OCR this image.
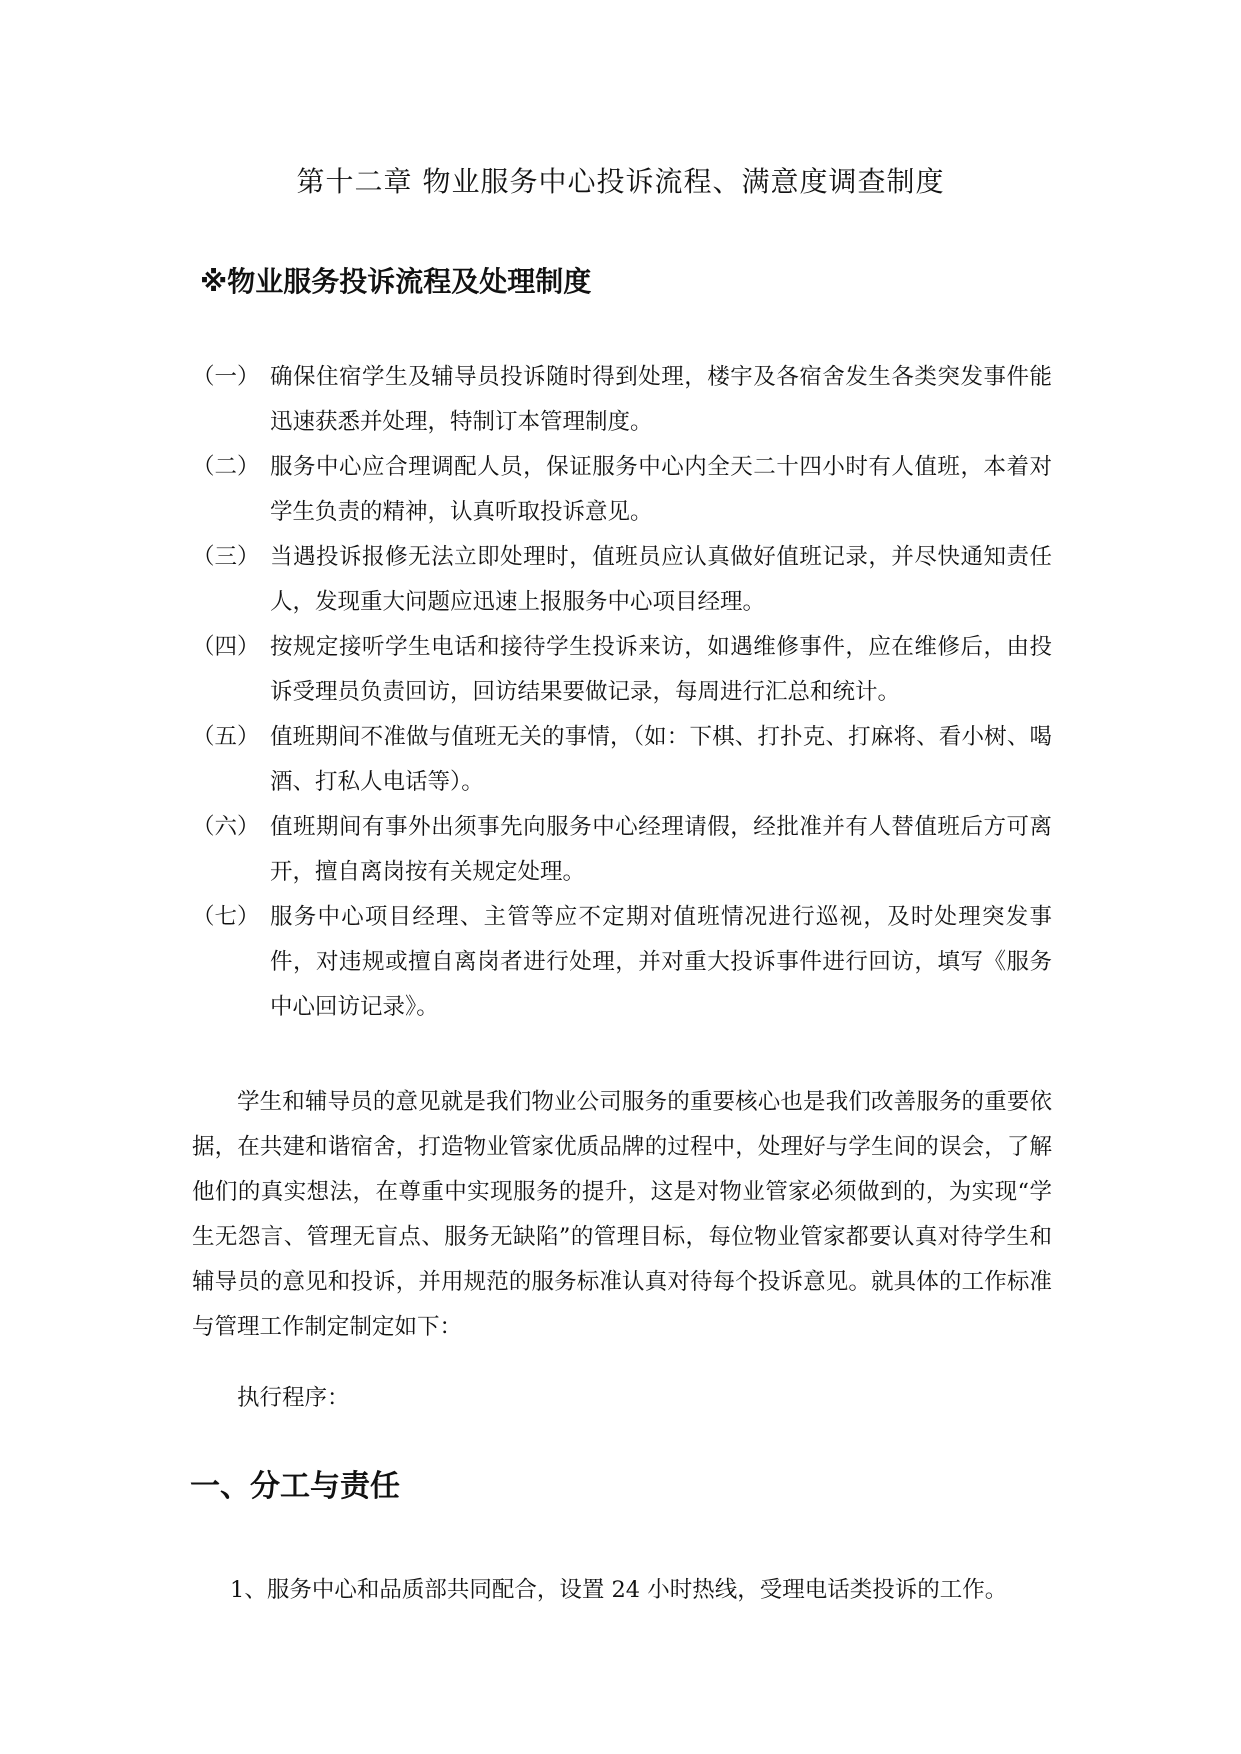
第十二章 物业服务中心投诉流程、满意度调查制度
※物业服务投诉流程及处理制度
（一） 确保住宿学生及辅导员投诉随时得到处理，楼宇及各宿舍发生各类突发事件能迅速获悉并处理，特制订本管理制度。
（二） 服务中心应合理调配人员，保证服务中心内全天二十四小时有人值班，本着对学生负责的精神，认真听取投诉意见。
（三） 当遇投诉报修无法立即处理时，值班员应认真做好值班记录，并尽快通知责任人，发现重大问题应迅速上报服务中心项目经理。
（四） 按规定接听学生电话和接待学生投诉来访，如遇维修事件，应在维修后，由投诉受理员负责回访，回访结果要做记录，每周进行汇总和统计。
（五） 值班期间不准做与值班无关的事情，（如：下棋、打扑克、打麻将、看小树、喝酒、打私人电话等）。
（六） 值班期间有事外出须事先向服务中心经理请假，经批准并有人替值班后方可离开，擅自离岗按有关规定处理。
（七） 服务中心项目经理、主管等应不定期对值班情况进行巡视，及时处理突发事件，对违规或擅自离岗者进行处理，并对重大投诉事件进行回访，填写《服务中心回访记录》。
学生和辅导员的意见就是我们物业公司服务的重要核心也是我们改善服务的重要依据，在共建和谐宿舍，打造物业管家优质品牌的过程中，处理好与学生间的误会，了解他们的真实想法，在尊重中实现服务的提升，这是对物业管家必须做到的，为实现“学生无怨言、管理无盲点、服务无缺陷”的管理目标，每位物业管家都要认真对待学生和辅导员的意见和投诉，并用规范的服务标准认真对待每个投诉意见。就具体的工作标准与管理工作制定制定如下：
执行程序：
一、分工与责任
1、服务中心和品质部共同配合，设置 24 小时热线，受理电话类投诉的工作。
